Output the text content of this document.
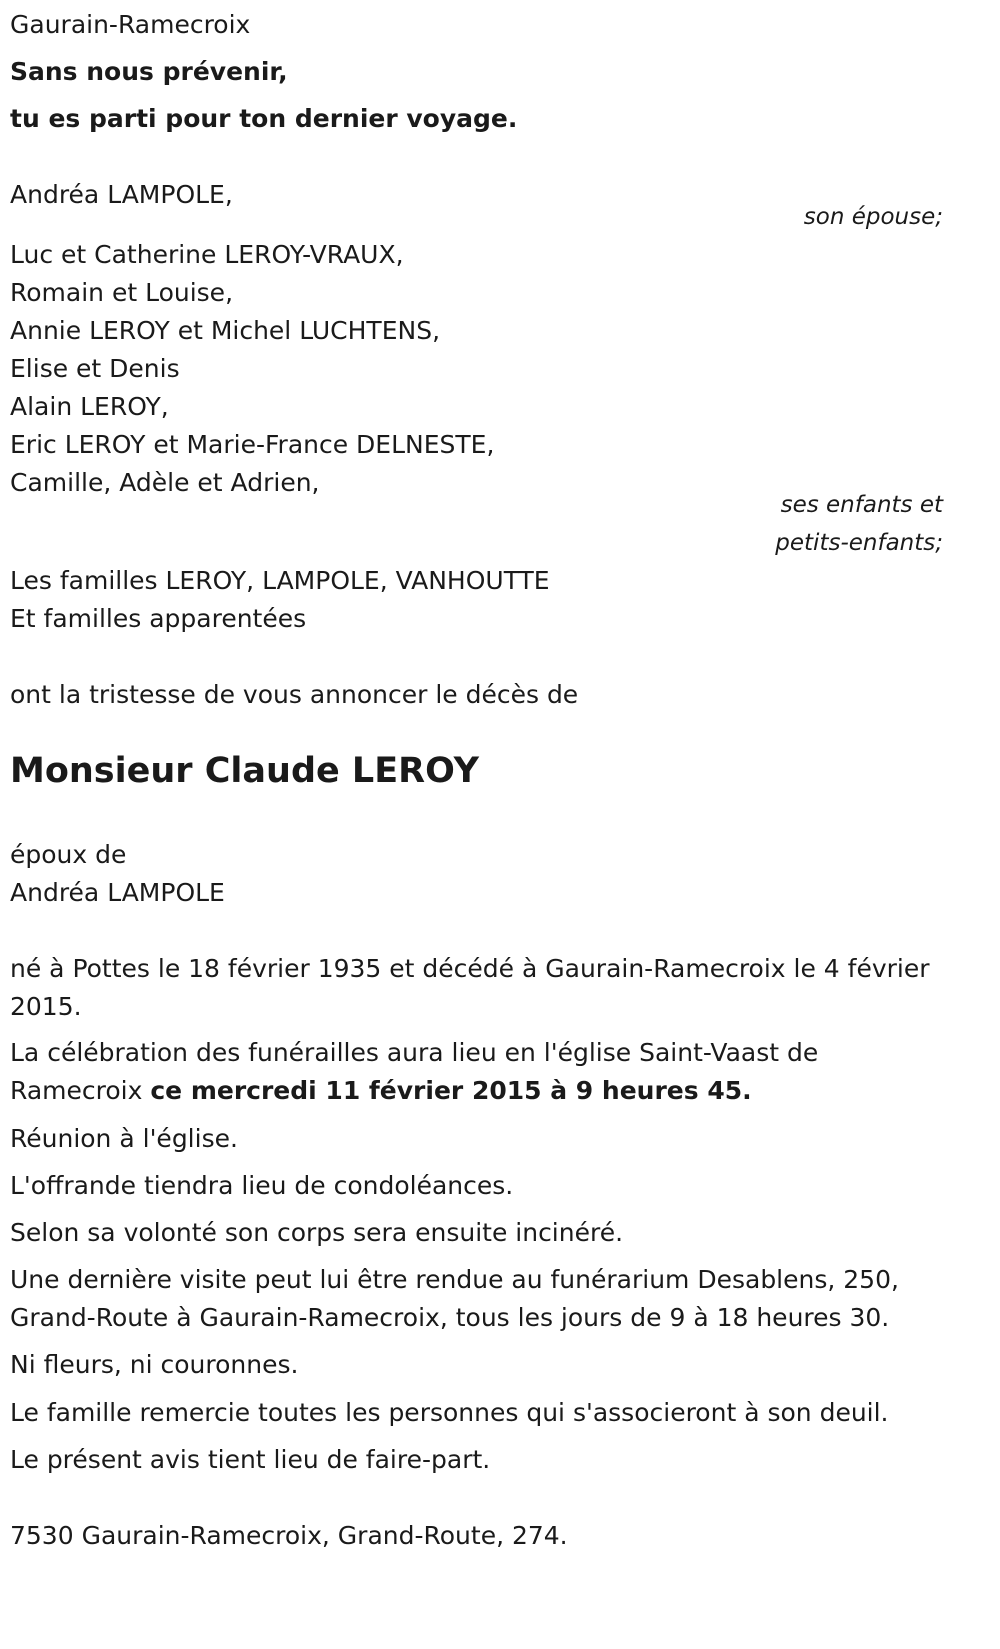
Gaurain-Ramecroix
Sans nous prévenir,
tu es parti pour ton dernier voyage.
Andréa LAMPOLE,
son épouse;
Luc et Catherine LEROY-VRAUX,
Romain et Louise,
Annie LEROY et Michel LUCHTENS,
Elise et Denis
Alain LEROY,
Eric LEROY et Marie-France DELNESTE,
Camille, Adèle et Adrien,
ses enfants et
petits-enfants;
Les familles LEROY, LAMPOLE, VANHOUTTE
Et familles apparentées
ont la tristesse de vous annoncer le décès de
Monsieur Claude LEROY
époux de
Andréa LAMPOLE
né à Pottes le 18 février 1935 et décédé à Gaurain-Ramecroix le 4 février
2015.
La célébration des funérailles aura lieu en l'église Saint-Vaast de
Ramecroix ce mercredi 11 février 2015 à 9 heures 45.
Réunion à l'église.
L'offrande tiendra lieu de condoléances.
Selon sa volonté son corps sera ensuite incinéré.
Une dernière visite peut lui être rendue au funérarium Desablens, 250,
Grand-Route à Gaurain-Ramecroix, tous les jours de 9 à 18 heures 30.
Ni fleurs, ni couronnes.
Le famille remercie toutes les personnes qui s'associeront à son deuil.
Le présent avis tient lieu de faire-part.
7530 Gaurain-Ramecroix, Grand-Route, 274.
